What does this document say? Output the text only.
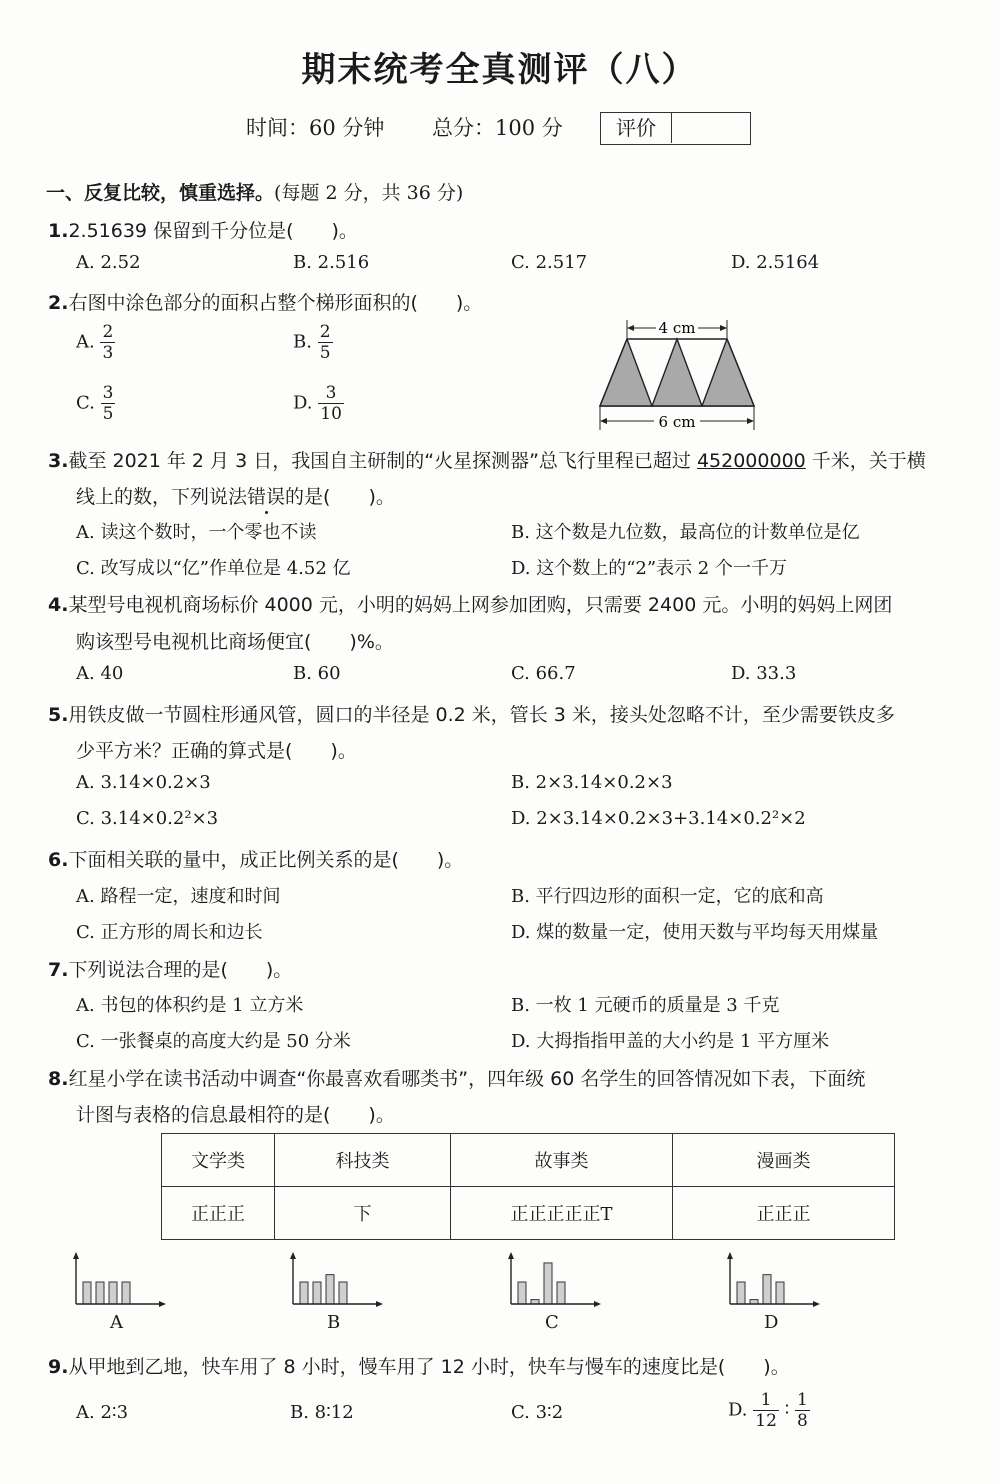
期末统考全真测评（八）
时间：60 分钟 总分：100 分	评价
一、反复比较，慎重选择。(每题 2 分，共 36 分)
1.2.51639 保留到千分位是(　　)。
A. 2.52	B. 2.516	C. 2.517	D. 2.5164
2.右图中涂色部分的面积占整个梯形面积的(　　)。
A. $\frac{2}{3}$	B. $\frac{2}{5}$
C. $\frac{3}{5}$	D. $\frac{3}{10}$
4 cm
6 cm
3.截至 2021 年 2 月 3 日，我国自主研制的“火星探测器”总飞行里程已超过 452000000 千米，关于横
线上的数，下列说法错误的是(　　)。
A. 读这个数时，一个零也不读	B. 这个数是九位数，最高位的计数单位是亿
C. 改写成以“亿”作单位是 4.52 亿	D. 这个数上的“2”表示 2 个一千万
4.某型号电视机商场标价 4000 元，小明的妈妈上网参加团购，只需要 2400 元。小明的妈妈上网团
购该型号电视机比商场便宜(　　)%。
A. 40	B. 60	C. 66.7	D. 33.3
5.用铁皮做一节圆柱形通风管，圆口的半径是 0.2 米，管长 3 米，接头处忽略不计，至少需要铁皮多
少平方米？正确的算式是(　　)。
A. 3.14×0.2×3	B. 2×3.14×0.2×3
C. 3.14×0.2²×3	D. 2×3.14×0.2×3+3.14×0.2²×2
6.下面相关联的量中，成正比例关系的是(　　)。
A. 路程一定，速度和时间	B. 平行四边形的面积一定，它的底和高
C. 正方形的周长和边长	D. 煤的数量一定，使用天数与平均每天用煤量
7.下列说法合理的是(　　)。
A. 书包的体积约是 1 立方米	B. 一枚 1 元硬币的质量是 3 千克
C. 一张餐桌的高度大约是 50 分米	D. 大拇指指甲盖的大小约是 1 平方厘米
8.红星小学在读书活动中调查“你最喜欢看哪类书”，四年级 60 名学生的回答情况如下表，下面统
计图与表格的信息最相符的是(　　)。
文学类	科技类	故事类	漫画类
正正正	下	正正正正正T	正正正
A	B	C	D
9.从甲地到乙地，快车用了 8 小时，慢车用了 12 小时，快车与慢车的速度比是(　　)。
A. 2∶3	B. 8∶12	C. 3∶2	D. $\frac{1}{12}$ ∶ $\frac{1}{8}$
